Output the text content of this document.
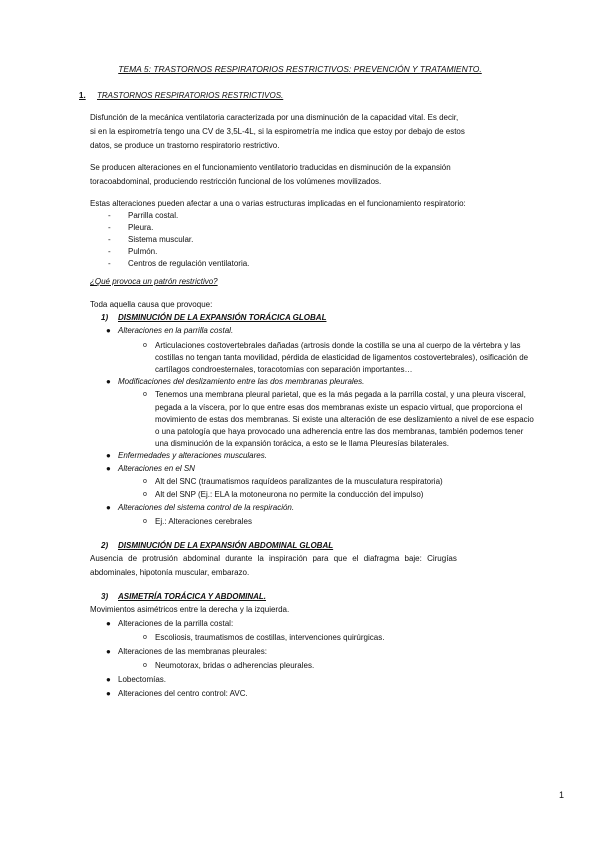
TEMA 5: TRASTORNOS RESPIRATORIOS RESTRICTIVOS: PREVENCIÓN Y TRATAMIENTO.
1. TRASTORNOS RESPIRATORIOS RESTRICTIVOS.
Disfunción de la mecánica ventilatoria caracterizada por una disminución de la capacidad vital. Es decir,
si en la espirometría tengo una CV de 3,5L-4L, si la espirometría me indica que estoy por debajo de estos
datos, se produce un trastorno respiratorio restrictivo.
Se producen alteraciones en el funcionamiento ventilatorio traducidas en disminución de la expansión
toracoabdominal, produciendo restricción funcional de los volúmenes movilizados.
Estas alteraciones pueden afectar a una o varias estructuras implicadas en el funcionamiento respiratorio:
- Parrilla costal.
- Pleura.
- Sistema muscular.
- Pulmón.
- Centros de regulación ventilatoria.
¿Qué provoca un patrón restrictivo?
Toda aquella causa que provoque:
1) DISMINUCIÓN DE LA EXPANSIÓN TORÁCICA GLOBAL
● Alteraciones en la parrilla costal.
o Articulaciones costovertebrales dañadas (artrosis donde la costilla se una al cuerpo de la vértebra y las
costillas no tengan tanta movilidad, pérdida de elasticidad de ligamentos costovertebrales), osificación de
cartílagos condroesternales, toracotomías con separación importantes…
● Modificaciones del deslizamiento entre las dos membranas pleurales.
o Tenemos una membrana pleural parietal, que es la más pegada a la parrilla costal, y una pleura visceral,
pegada a la víscera, por lo que entre esas dos membranas existe un espacio virtual, que proporciona el
movimiento de estas dos membranas. Si existe una alteración de ese deslizamiento a nivel de ese espacio
o una patología que haya provocado una adherencia entre las dos membranas, también podemos tener
una disminución de la expansión torácica, a esto se le llama Pleuresías bilaterales.
● Enfermedades y alteraciones musculares.
● Alteraciones en el SN
o Alt del SNC (traumatismos raquídeos paralizantes de la musculatura respiratoria)
o Alt del SNP (Ej.: ELA la motoneurona no permite la conducción del impulso)
● Alteraciones del sistema control de la respiración.
o Ej.: Alteraciones cerebrales
2) DISMINUCIÓN DE LA EXPANSIÓN ABDOMINAL GLOBAL
Ausencia de protrusión abdominal durante la inspiración para que el diafragma baje: Cirugías
abdominales, hipotonía muscular, embarazo.
3) ASIMETRÍA TORÁCICA Y ABDOMINAL.
Movimientos asimétricos entre la derecha y la izquierda.
● Alteraciones de la parrilla costal:
o Escoliosis, traumatismos de costillas, intervenciones quirúrgicas.
● Alteraciones de las membranas pleurales:
o Neumotorax, bridas o adherencias pleurales.
● Lobectomías.
● Alteraciones del centro control: AVC.
1
